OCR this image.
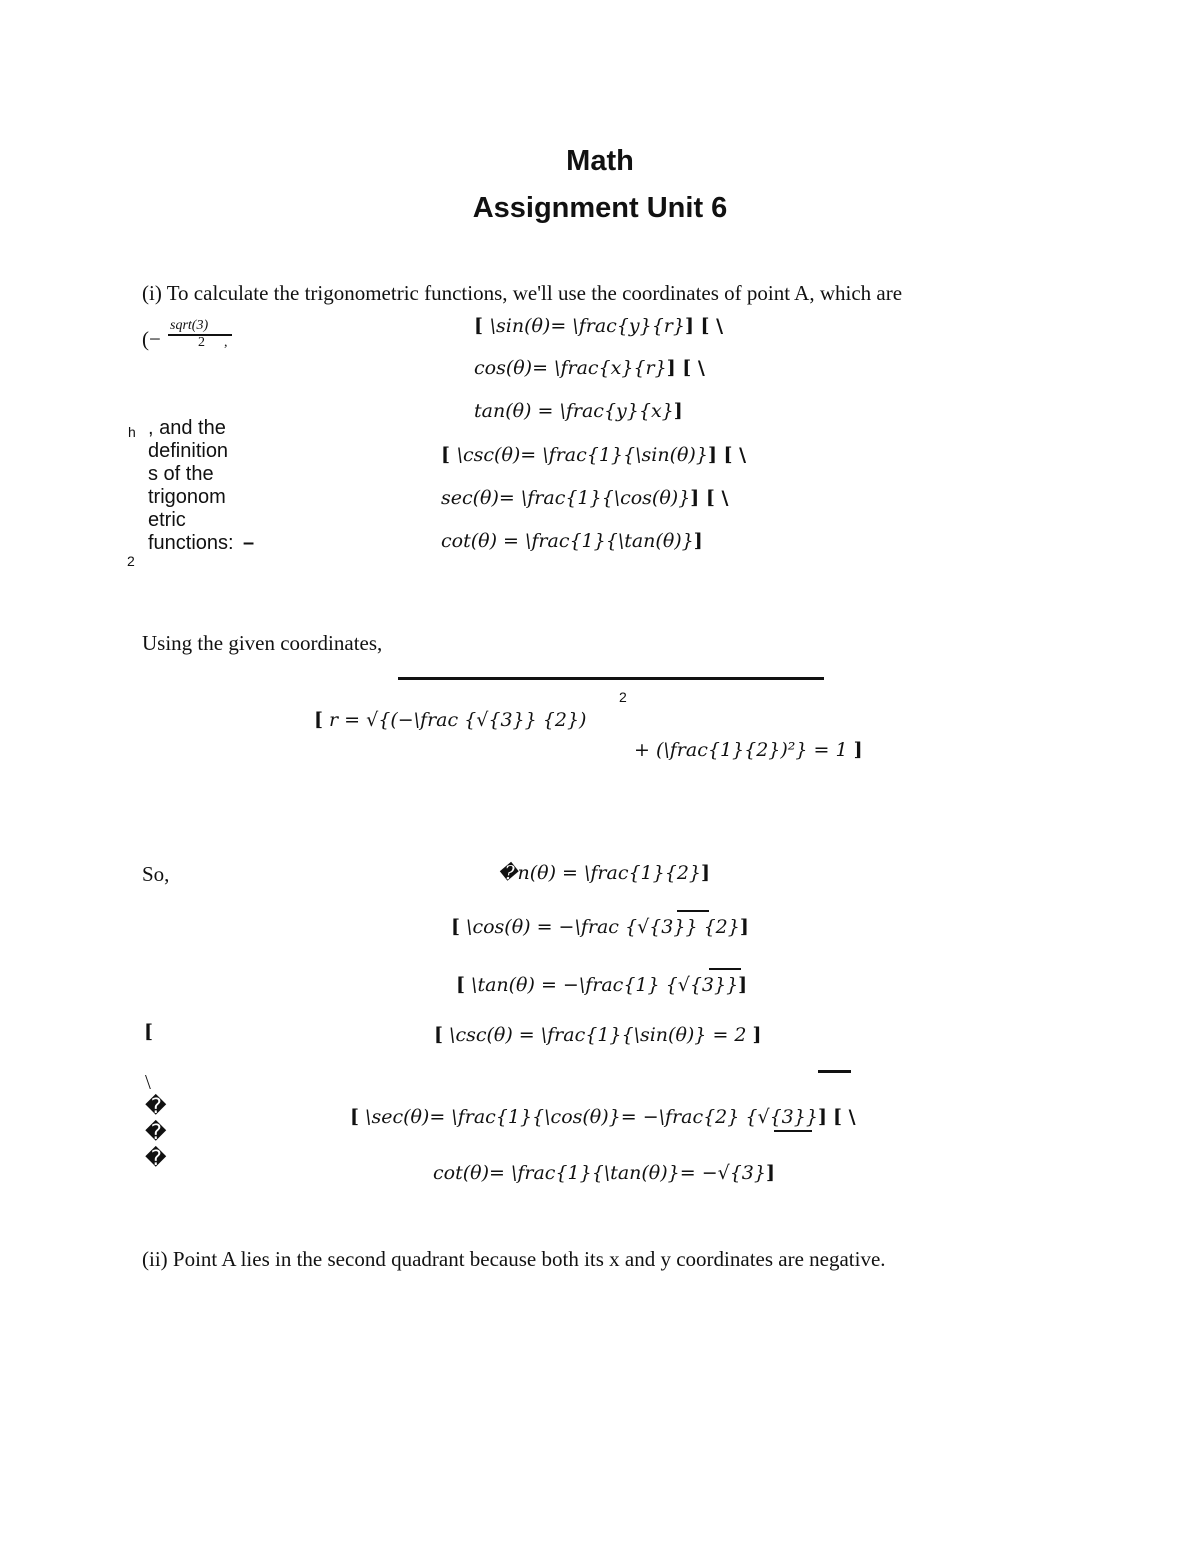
Math
Assignment Unit 6
(i) To calculate the trigonometric functions, we'll use the coordinates of point A, which are
(−
sqrt(3)
2 ,
h , and the
definition
s of the
trigonom
etric
functions: –
2
[ \sin(θ)= \frac{y}{r}] [ \
cos(θ)= \frac{x}{r}] [ \
tan(θ) = \frac{y}{x}]
[ \csc(θ)= \frac{1}{\sin(θ)}] [ \
sec(θ)= \frac{1}{\cos(θ)}] [ \
cot(θ) = \frac{1}{\tan(θ)}]
Using the given coordinates,
[ r = √{(−\frac {√{3}} {2})
2
+ (\frac{1}{2})²} = 1 ]
So,	�n(θ) = \frac{1}{2}]
[ \cos(θ) = −\frac {√{3}} {2}]
[ \tan(θ) = −\frac{1} {√{3}}]
[	[ \csc(θ) = \frac{1}{\sin(θ)} = 2 ]
\
�
�
�
[ \sec(θ)= \frac{1}{\cos(θ)}= −\frac{2} {√{3}}] [ \
cot(θ)= \frac{1}{\tan(θ)}= −√{3}]
(ii) Point A lies in the second quadrant because both its x and y coordinates are negative.
